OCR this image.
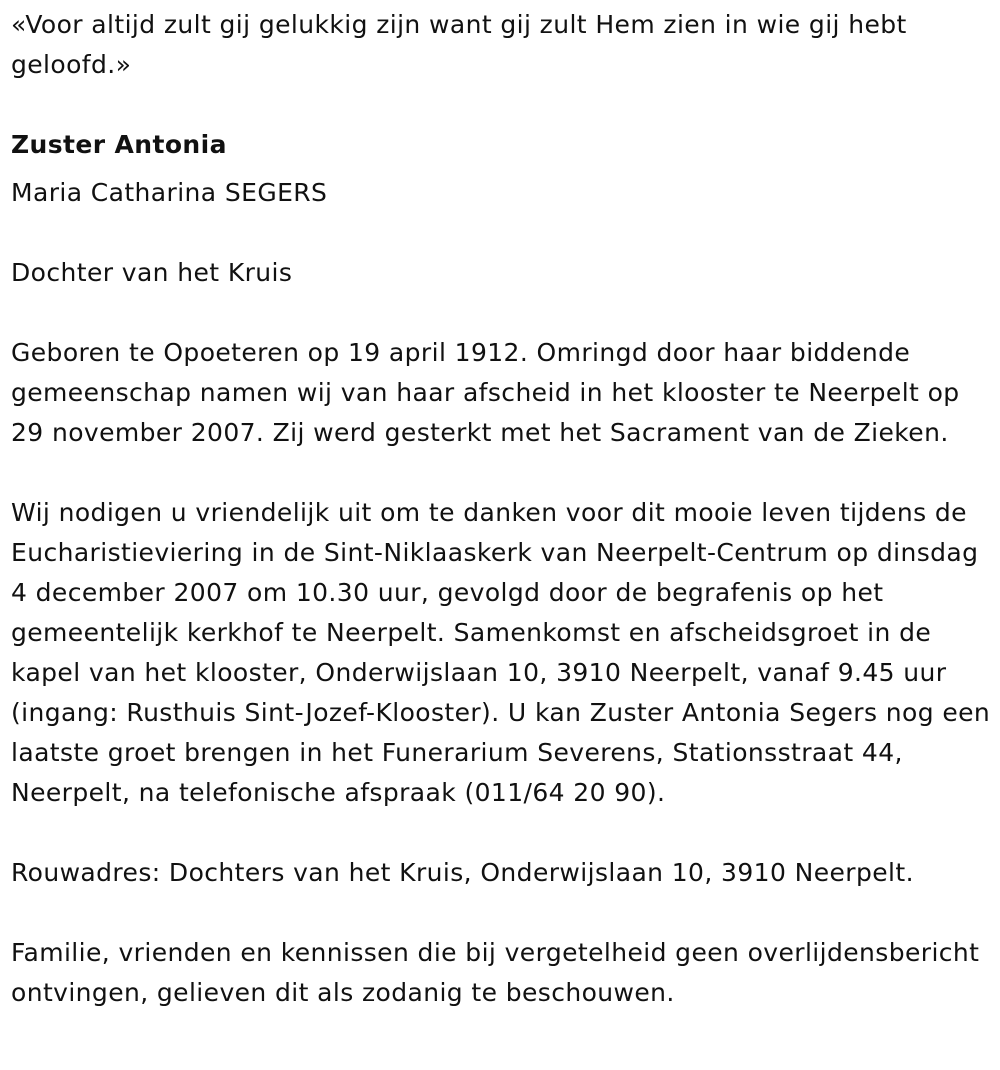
«Voor altijd zult gij gelukkig zijn want gij zult Hem zien in wie gij hebt geloofd.»

Zuster Antonia

Maria Catharina SEGERS

Dochter van het Kruis

Geboren te Opoeteren op 19 april 1912. Omringd door haar biddende gemeenschap namen wij van haar afscheid in het klooster te Neerpelt op 29 november 2007. Zij werd gesterkt met het Sacrament van de Zieken.

Wij nodigen u vriendelijk uit om te danken voor dit mooie leven tijdens de Eucharistieviering in de Sint-Niklaaskerk van Neerpelt-Centrum op dinsdag 4 december 2007 om 10.30 uur, gevolgd door de begrafenis op het gemeentelijk kerkhof te Neerpelt. Samenkomst en afscheidsgroet in de kapel van het klooster, Onderwijslaan 10, 3910 Neerpelt, vanaf 9.45 uur (ingang: Rusthuis Sint-Jozef-Klooster). U kan Zuster Antonia Segers nog een laatste groet brengen in het Funerarium Severens, Stationsstraat 44, Neerpelt, na telefonische afspraak (011/64 20 90).

Rouwadres: Dochters van het Kruis, Onderwijslaan 10, 3910 Neerpelt.

Familie, vrienden en kennissen die bij vergetelheid geen overlijdensbericht ontvingen, gelieven dit als zodanig te beschouwen.
